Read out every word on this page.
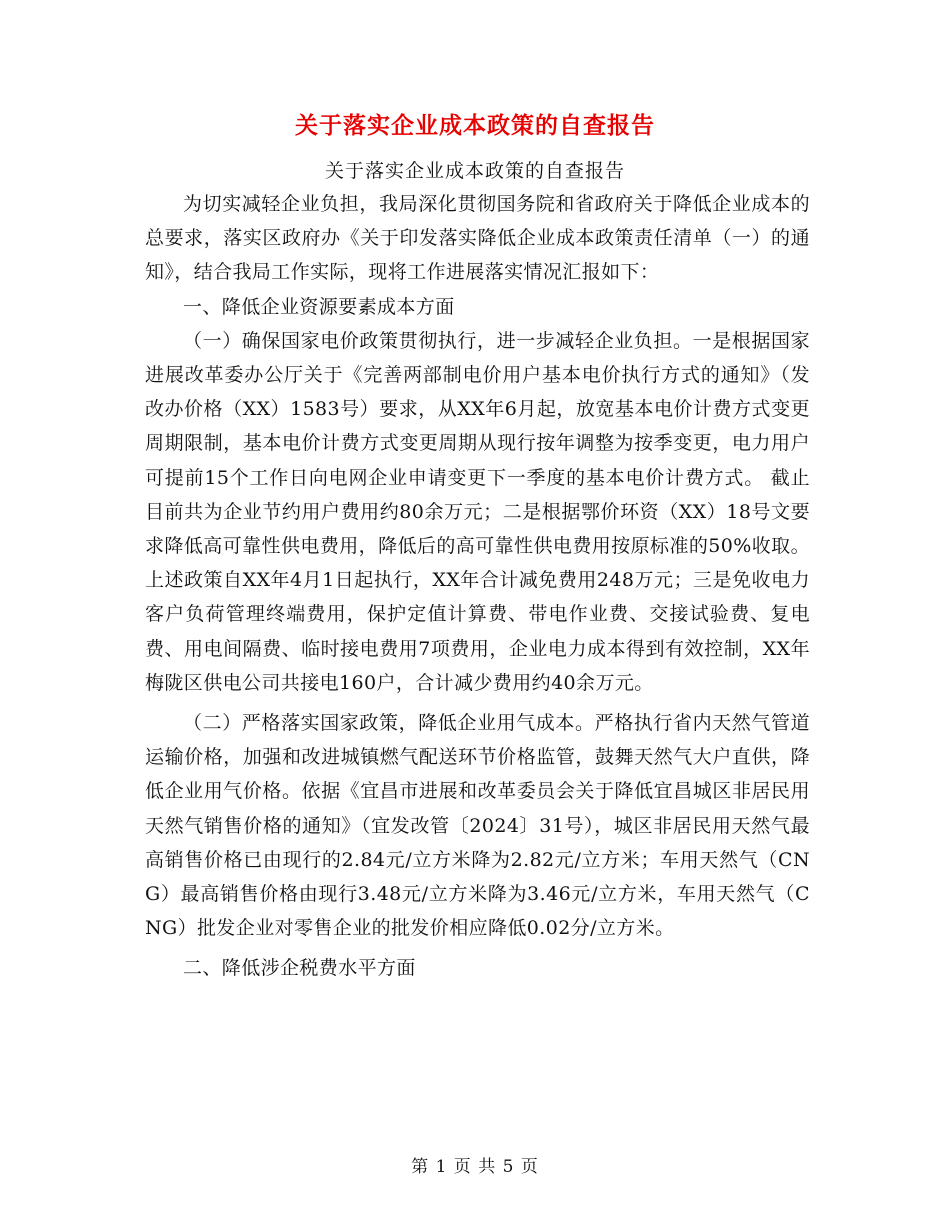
关于落实企业成本政策的自查报告
关于落实企业成本政策的自查报告

为切实减轻企业负担，我局深化贯彻国务院和省政府关于降低企业成本的总要求，落实区政府办《关于印发落实降低企业成本政策责任清单（一）的通知》，结合我局工作实际，现将工作进展落实情况汇报如下：

一、降低企业资源要素成本方面

（一）确保国家电价政策贯彻执行，进一步减轻企业负担。一是根据国家进展改革委办公厅关于《完善两部制电价用户基本电价执行方式的通知》（发改办价格（XX）1583号）要求，从XX年6月起，放宽基本电价计费方式变更周期限制，基本电价计费方式变更周期从现行按年调整为按季变更，电力用户可提前15个工作日向电网企业申请变更下一季度的基本电价计费方式。 截止目前共为企业节约用户费用约80余万元；二是根据鄂价环资（XX）18号文要求降低高可靠性供电费用，降低后的高可靠性供电费用按原标准的50%收取。上述政策自XX年4月1日起执行，XX年合计减免费用248万元；三是免收电力客户负荷管理终端费用，保护定值计算费、带电作业费、交接试验费、复电费、用电间隔费、临时接电费用7项费用，企业电力成本得到有效控制，XX年梅陇区供电公司共接电160户，合计减少费用约40余万元。

（二）严格落实国家政策，降低企业用气成本。严格执行省内天然气管道运输价格，加强和改进城镇燃气配送环节价格监管，鼓舞天然气大户直供，降低企业用气价格。依据《宜昌市进展和改革委员会关于降低宜昌城区非居民用天然气销售价格的通知》（宜发改管〔2024〕31号），城区非居民用天然气最高销售价格已由现行的2.84元/立方米降为2.82元/立方米；车用天然气（CNG）最高销售价格由现行3.48元/立方米降为3.46元/立方米，车用天然气（CNG）批发企业对零售企业的批发价相应降低0.02分/立方米。

二、降低涉企税费水平方面

第 1 页 共 5 页
